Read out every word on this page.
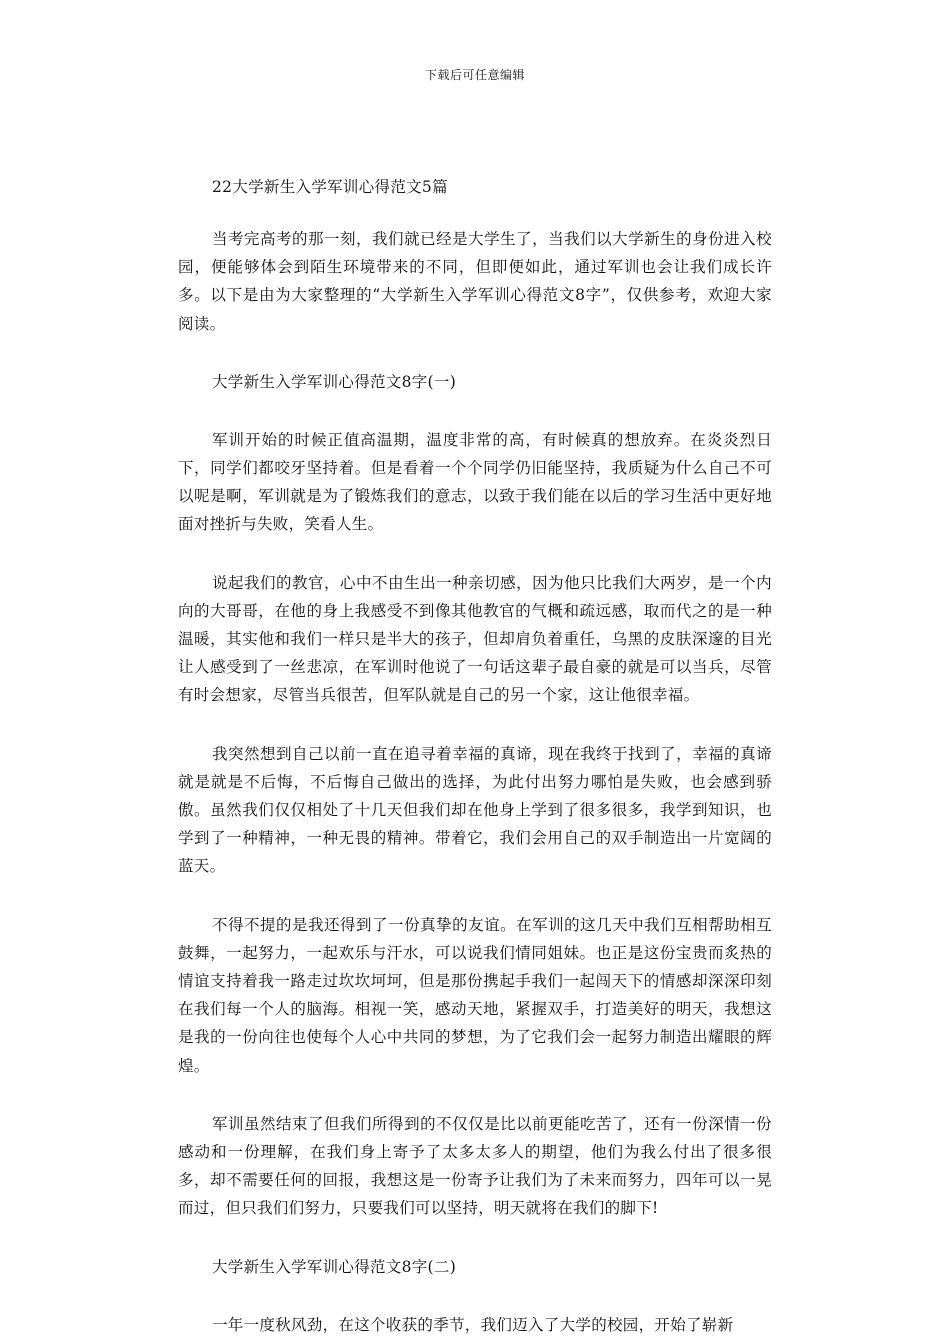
下载后可任意编辑

22大学新生入学军训心得范文5篇

当考完高考的那一刻，我们就已经是大学生了，当我们以大学新生的身份进入校园，便能够体会到陌生环境带来的不同，但即便如此，通过军训也会让我们成长许多。以下是由为大家整理的“大学新生入学军训心得范文8字”，仅供参考，欢迎大家阅读。

大学新生入学军训心得范文8字(一)

军训开始的时候正值高温期，温度非常的高，有时候真的想放弃。在炎炎烈日下，同学们都咬牙坚持着。但是看着一个个同学仍旧能坚持，我质疑为什么自己不可以呢是啊，军训就是为了锻炼我们的意志，以致于我们能在以后的学习生活中更好地面对挫折与失败，笑看人生。

说起我们的教官，心中不由生出一种亲切感，因为他只比我们大两岁，是一个内向的大哥哥，在他的身上我感受不到像其他教官的气概和疏远感，取而代之的是一种温暖，其实他和我们一样只是半大的孩子，但却肩负着重任，乌黑的皮肤深邃的目光让人感受到了一丝悲凉，在军训时他说了一句话这辈子最自豪的就是可以当兵，尽管有时会想家，尽管当兵很苦，但军队就是自己的另一个家，这让他很幸福。

我突然想到自己以前一直在追寻着幸福的真谛，现在我终于找到了，幸福的真谛就是就是不后悔，不后悔自己做出的选择，为此付出努力哪怕是失败，也会感到骄傲。虽然我们仅仅相处了十几天但我们却在他身上学到了很多很多，我学到知识，也学到了一种精神，一种无畏的精神。带着它，我们会用自己的双手制造出一片宽阔的蓝天。

不得不提的是我还得到了一份真挚的友谊。在军训的这几天中我们互相帮助相互鼓舞，一起努力，一起欢乐与汗水，可以说我们情同姐妹。也正是这份宝贵而炙热的情谊支持着我一路走过坎坎坷坷，但是那份携起手我们一起闯天下的情感却深深印刻在我们每一个人的脑海。相视一笑，感动天地，紧握双手，打造美好的明天，我想这是我的一份向往也使每个人心中共同的梦想，为了它我们会一起努力制造出耀眼的辉煌。

军训虽然结束了但我们所得到的不仅仅是比以前更能吃苦了，还有一份深情一份感动和一份理解，在我们身上寄予了太多太多人的期望，他们为我么付出了很多很多，却不需要任何的回报，我想这是一份寄予让我们为了未来而努力，四年可以一晃而过，但只我们们努力，只要我们可以坚持，明天就将在我们的脚下!

大学新生入学军训心得范文8字(二)

一年一度秋风劲，在这个收获的季节，我们迈入了大学的校园，开始了崭新
